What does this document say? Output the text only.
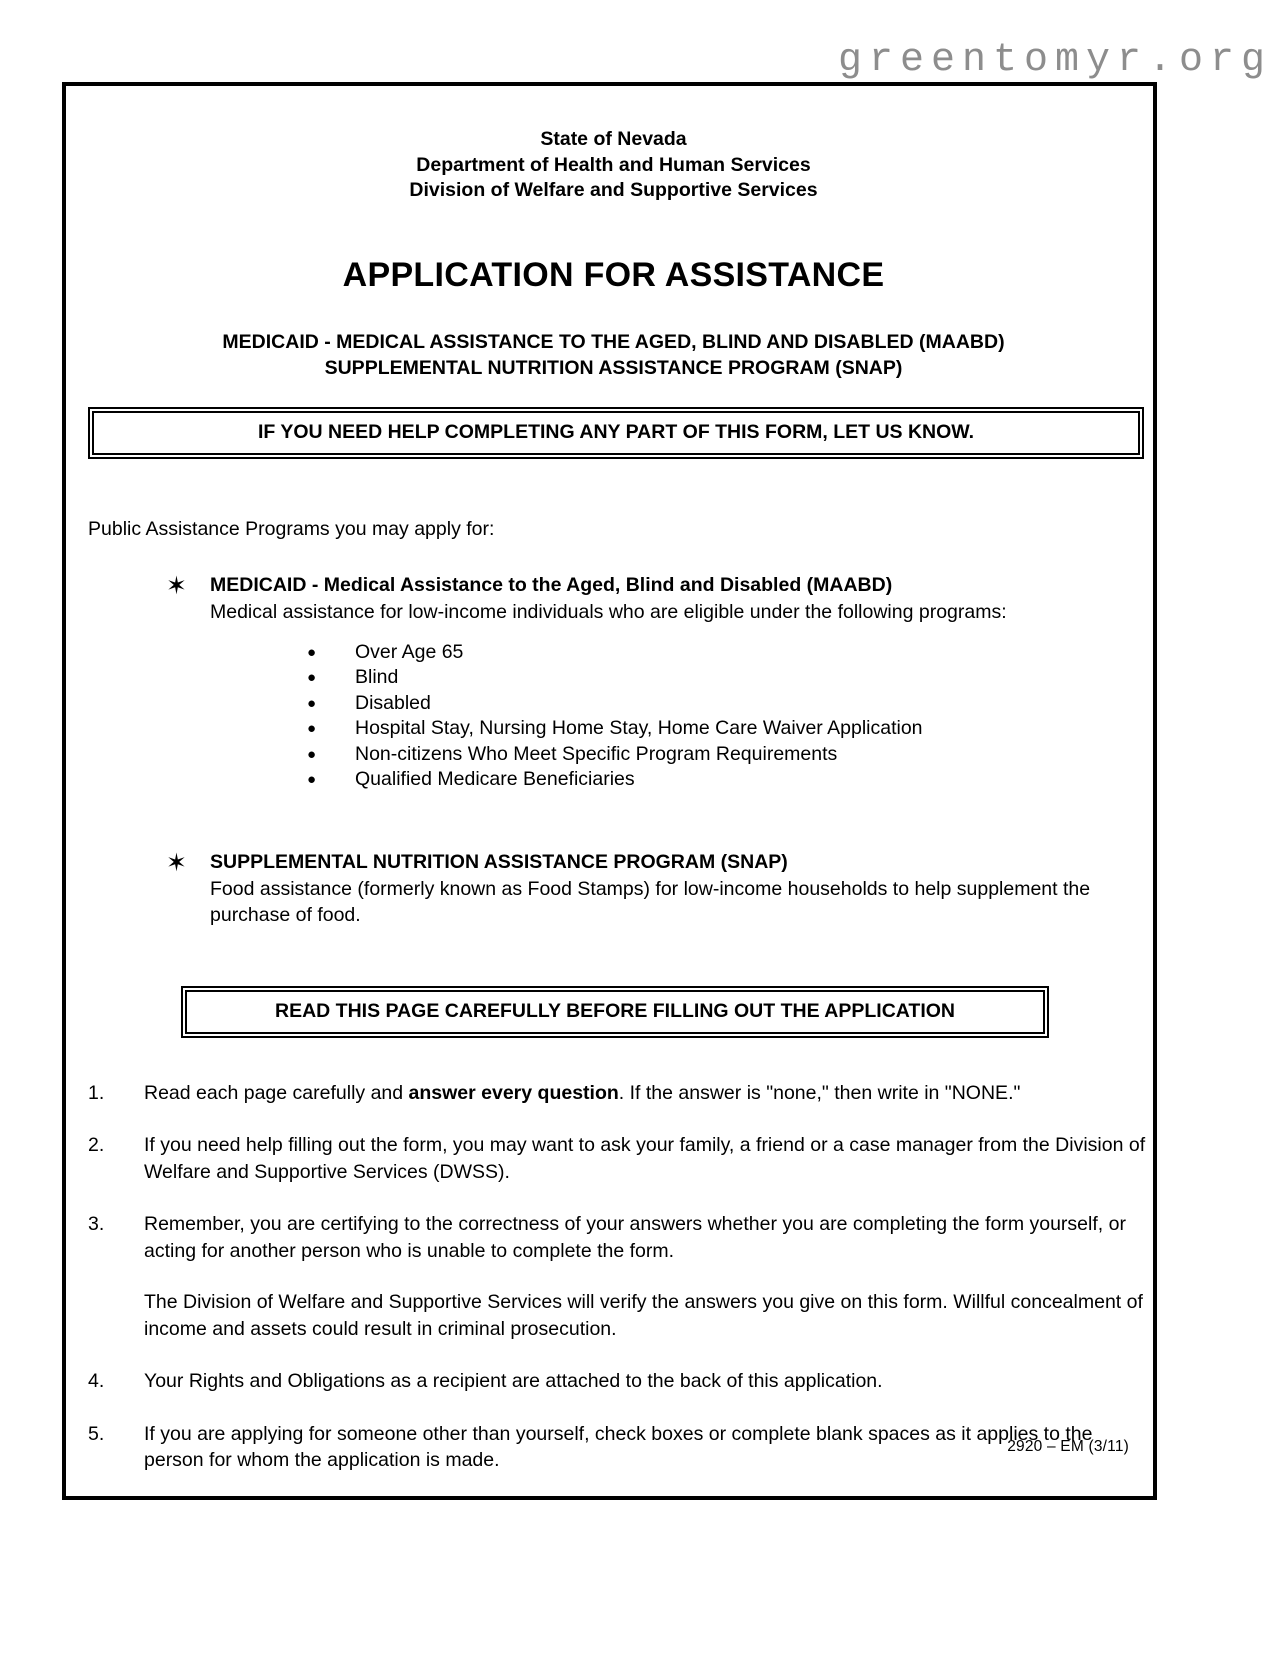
greentomyr.org
State of Nevada
Department of Health and Human Services
Division of Welfare and Supportive Services
APPLICATION FOR ASSISTANCE
MEDICAID - MEDICAL ASSISTANCE TO THE AGED, BLIND AND DISABLED (MAABD)
SUPPLEMENTAL NUTRITION ASSISTANCE PROGRAM (SNAP)
IF YOU NEED HELP COMPLETING ANY PART OF THIS FORM, LET US KNOW.
Public Assistance Programs you may apply for:
✶	MEDICAID - Medical Assistance to the Aged, Blind and Disabled (MAABD)
Medical assistance for low-income individuals who are eligible under the following programs:
●	Over Age 65
●	Blind
●	Disabled
●	Hospital Stay, Nursing Home Stay, Home Care Waiver Application
●	Non-citizens Who Meet Specific Program Requirements
●	Qualified Medicare Beneficiaries
✶	SUPPLEMENTAL NUTRITION ASSISTANCE PROGRAM (SNAP)
Food assistance (formerly known as Food Stamps) for low-income households to help supplement the purchase of food.
READ THIS PAGE CAREFULLY BEFORE FILLING OUT THE APPLICATION
1.	Read each page carefully and answer every question. If the answer is "none," then write in "NONE."

2.	If you need help filling out the form, you may want to ask your family, a friend or a case manager from the Division of Welfare and Supportive Services (DWSS).

3.	Remember, you are certifying to the correctness of your answers whether you are completing the form yourself, or acting for another person who is unable to complete the form.

The Division of Welfare and Supportive Services will verify the answers you give on this form. Willful concealment of income and assets could result in criminal prosecution.

4.	Your Rights and Obligations as a recipient are attached to the back of this application.

5.	If you are applying for someone other than yourself, check boxes or complete blank spaces as it applies to the person for whom the application is made.

2920 – EM (3/11)
